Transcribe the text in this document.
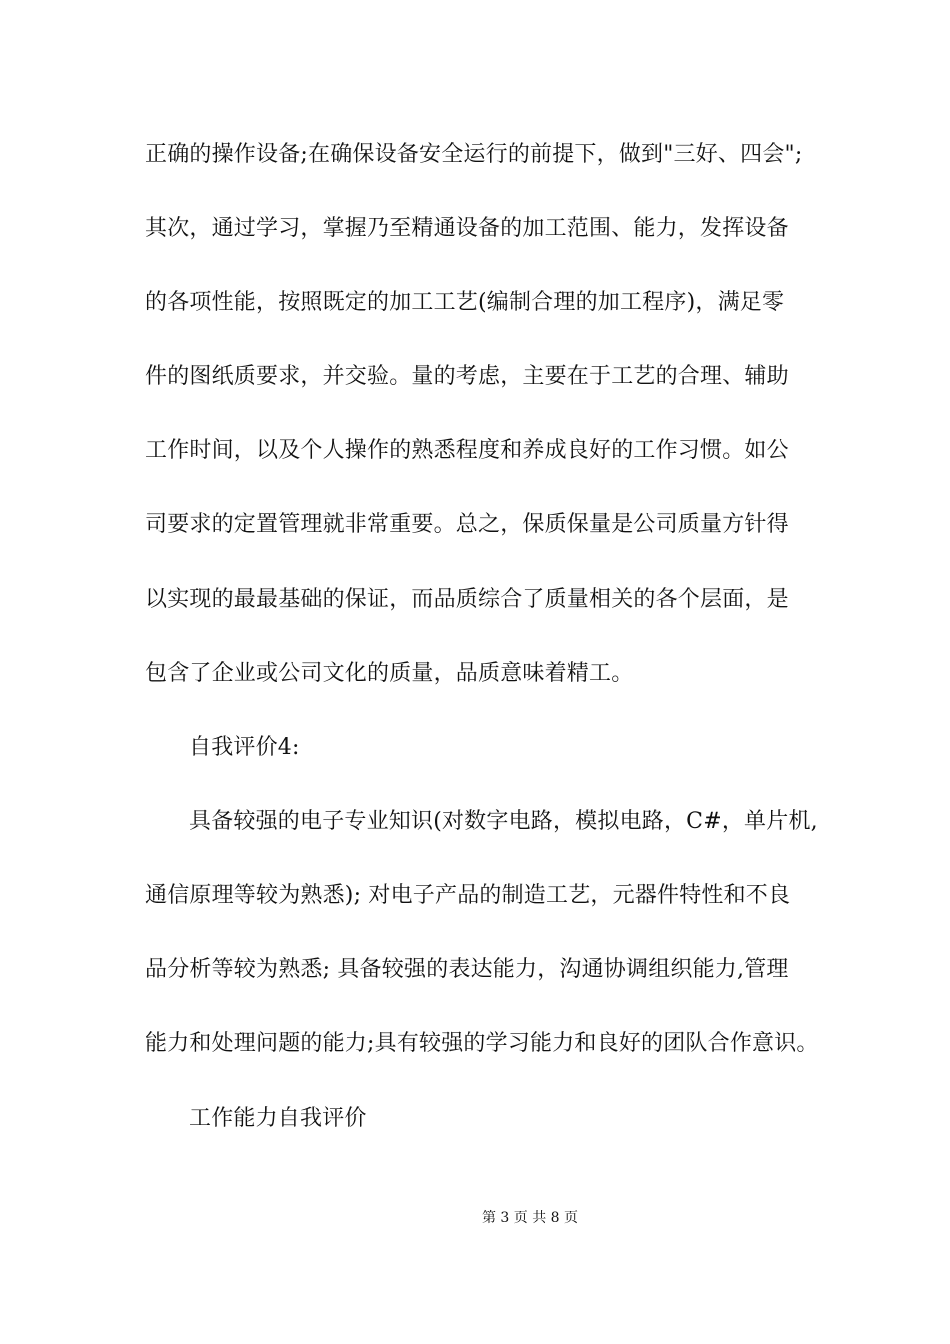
正确的操作设备;在确保设备安全运行的前提下，做到"三好、四会";
其次，通过学习，掌握乃至精通设备的加工范围、能力，发挥设备
的各项性能，按照既定的加工工艺(编制合理的加工程序)，满足零
件的图纸质要求，并交验。量的考虑，主要在于工艺的合理、辅助
工作时间，以及个人操作的熟悉程度和养成良好的工作习惯。如公
司要求的定置管理就非常重要。总之，保质保量是公司质量方针得
以实现的最最基础的保证，而品质综合了质量相关的各个层面，是
包含了企业或公司文化的质量，品质意味着精工。
自我评价4:
具备较强的电子专业知识(对数字电路，模拟电路，C#，单片机,
通信原理等较为熟悉); 对电子产品的制造工艺，元器件特性和不良
品分析等较为熟悉; 具备较强的表达能力，沟通协调组织能力,管理
能力和处理问题的能力;具有较强的学习能力和良好的团队合作意识。
工作能力自我评价
第 3 页 共 8 页
